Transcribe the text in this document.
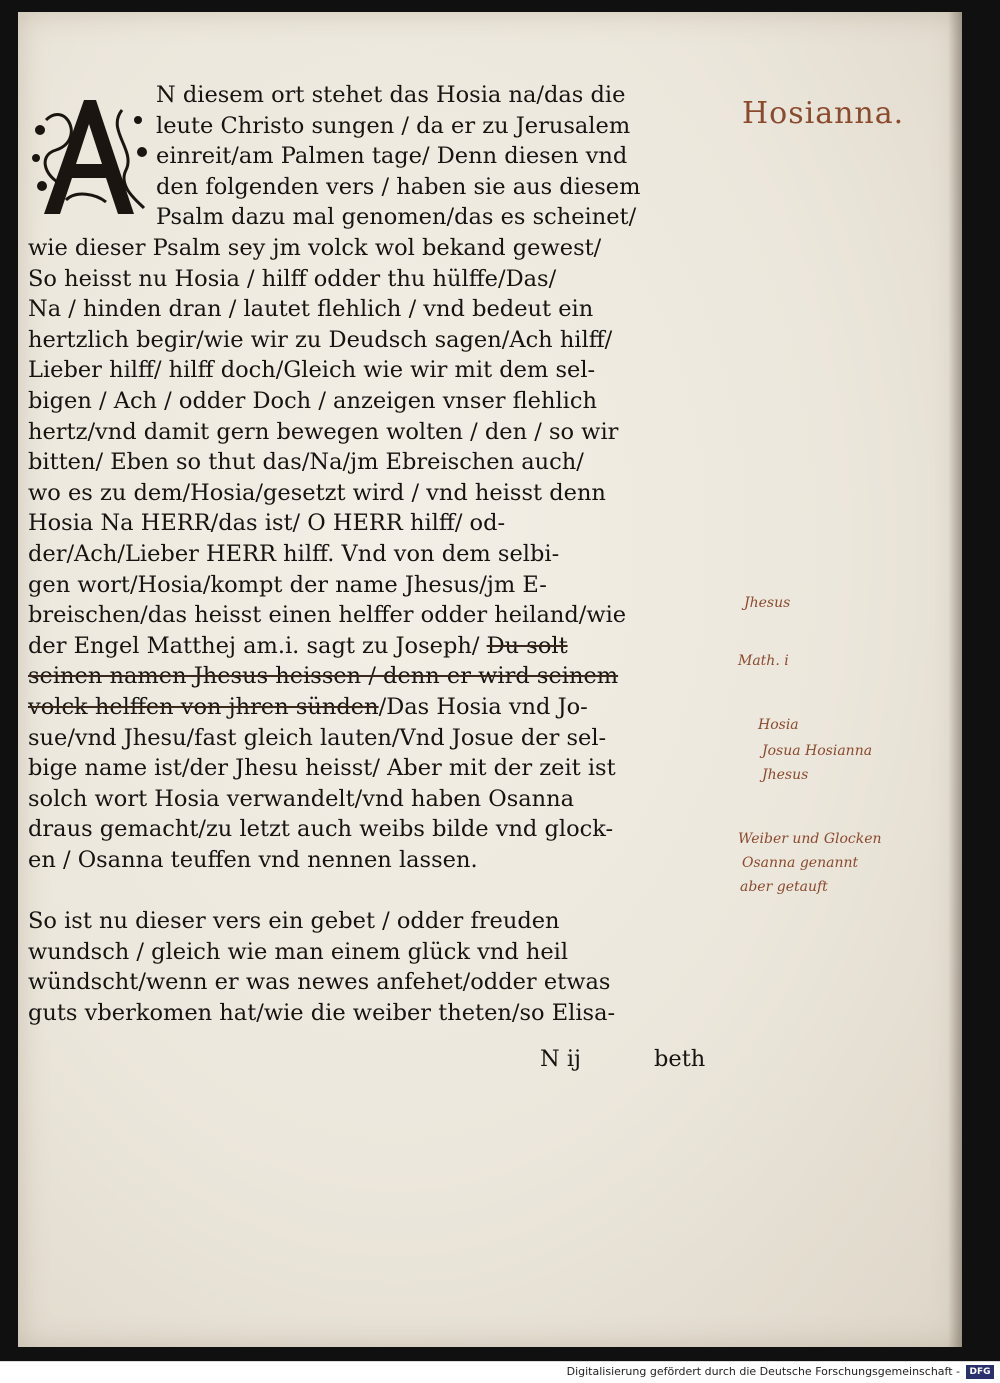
N diesem ort stehet das Hosia na/das die
leute Christo sungen / da er zu Jerusalem
einreit/am Palmen tage/ Denn diesen vnd
den folgenden vers / haben sie aus diesem
Psalm dazu mal genomen/das es scheinet/
wie dieser Psalm sey jm volck wol bekand gewest/
So heisst nu Hosia / hilff odder thu hülffe/Das/
Na / hinden dran / lautet flehlich / vnd bedeut ein
hertzlich begir/wie wir zu Deudsch sagen/Ach hilff/
Lieber hilff/ hilff doch/Gleich wie wir mit dem sel-
bigen / Ach / odder Doch / anzeigen vnser flehlich
hertz/vnd damit gern bewegen wolten / den / so wir
bitten/ Eben so thut das/Na/jm Ebreischen auch/
wo es zu dem/Hosia/gesetzt wird / vnd heisst denn
Hosia Na HERR/das ist/ O HERR hilff/ od-
der/Ach/Lieber HERR hilff. Vnd von dem selbi-
gen wort/Hosia/kompt der name Jhesus/jm E-
breischen/das heisst einen helffer odder heiland/wie
der Engel Matthej am.i. sagt zu Joseph/ Du solt
seinen namen Jhesus heissen / denn er wird seinem
volck helffen von jhren sünden/Das Hosia vnd Jo-
sue/vnd Jhesu/fast gleich lauten/Vnd Josue der sel-
bige name ist/der Jhesu heisst/ Aber mit der zeit ist
solch wort Hosia verwandelt/vnd haben Osanna
draus gemacht/zu letzt auch weibs bilde vnd glock-
en / Osanna teuffen vnd nennen lassen.
So ist nu dieser vers ein gebet / odder freuden
wundsch / gleich wie man einem glück vnd heil
wündscht/wenn er was newes anfehet/odder etwas
guts vberkomen hat/wie die weiber theten/so Elisa-
N ij	beth
Hosianna.
Jhesus
Math. i
Hosia
Josua Hosianna
Jhesus
Weiber und Glocken
Osanna genannt
aber getauft
Digitalisierung gefördert durch die Deutsche Forschungsgemeinschaft -	DFG
